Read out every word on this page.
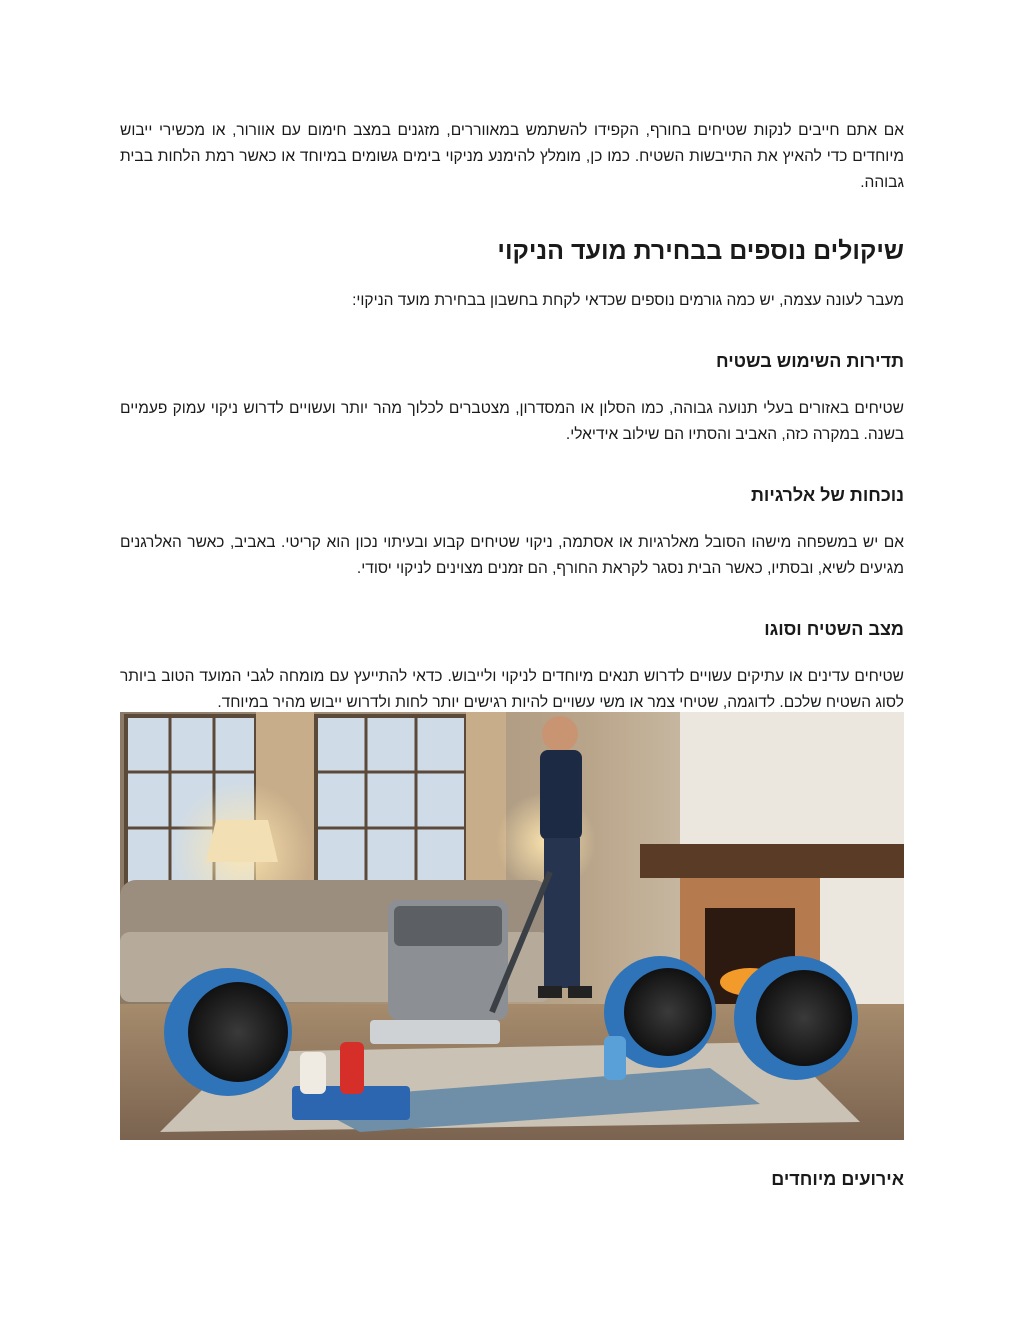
אם אתם חייבים לנקות שטיחים בחורף, הקפידו להשתמש במאווררים, מזגנים במצב חימום עם אוורור, או מכשירי ייבוש מיוחדים כדי להאיץ את התייבשות השטיח. כמו כן, מומלץ להימנע מניקוי בימים גשומים במיוחד או כאשר רמת הלחות בבית גבוהה.

שיקולים נוספים בבחירת מועד הניקוי

מעבר לעונה עצמה, יש כמה גורמים נוספים שכדאי לקחת בחשבון בבחירת מועד הניקוי:

תדירות השימוש בשטיח

שטיחים באזורים בעלי תנועה גבוהה, כמו הסלון או המסדרון, מצטברים לכלוך מהר יותר ועשויים לדרוש ניקוי עמוק פעמיים בשנה. במקרה כזה, האביב והסתיו הם שילוב אידיאלי.

נוכחות של אלרגיות

אם יש במשפחה מישהו הסובל מאלרגיות או אסתמה, ניקוי שטיחים קבוע ובעיתוי נכון הוא קריטי. באביב, כאשר האלרגנים מגיעים לשיא, ובסתיו, כאשר הבית נסגר לקראת החורף, הם זמנים מצוינים לניקוי יסודי.

מצב השטיח וסוגו

שטיחים עדינים או עתיקים עשויים לדרוש תנאים מיוחדים לניקוי ולייבוש. כדאי להתייעץ עם מומחה לגבי המועד הטוב ביותר לסוג השטיח שלכם. לדוגמה, שטיחי צמר או משי עשויים להיות רגישים יותר לחות ולדרוש ייבוש מהיר במיוחד.

אירועים מיוחדים
